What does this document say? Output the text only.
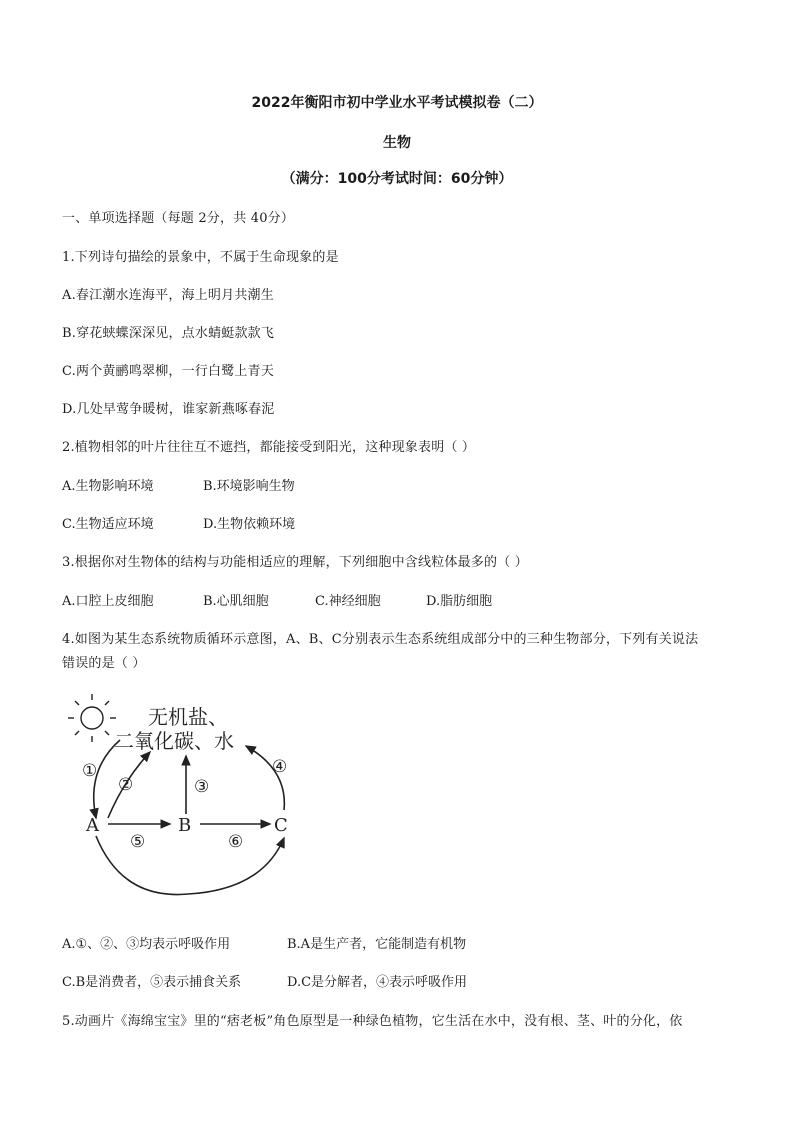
2022年衡阳市初中学业水平考试模拟卷（二）
生物
（满分：100分考试时间：60分钟）
一、单项选择题（每题 2分，共 40分）
1.下列诗句描绘的景象中，不属于生命现象的是
A.春江潮水连海平，海上明月共潮生
B.穿花蛱蝶深深见，点水蜻蜓款款飞
C.两个黄鹂鸣翠柳，一行白鹭上青天
D.几处早莺争暖树，谁家新燕啄春泥
2.植物相邻的叶片往往互不遮挡，都能接受到阳光，这种现象表明（ ）
A.生物影响环境	B.环境影响生物
C.生物适应环境	D.生物依赖环境
3.根据你对生物体的结构与功能相适应的理解，下列细胞中含线粒体最多的（ ）
A.口腔上皮细胞	B.心肌细胞	C.神经细胞	D.脂肪细胞
4.如图为某生态系统物质循环示意图，A、B、C分别表示生态系统组成部分中的三种生物部分，下列有关说法
错误的是（ ）
无机盐、
二氧化碳、水
①
②	③
④
⑤	⑥
A	B	C
A.①、②、③均表示呼吸作用	B.A是生产者，它能制造有机物
C.B是消费者，⑤表示捕食关系	D.C是分解者，④表示呼吸作用
5.动画片《海绵宝宝》里的“痞老板”角色原型是一种绿色植物，它生活在水中，没有根、茎、叶的分化，依
